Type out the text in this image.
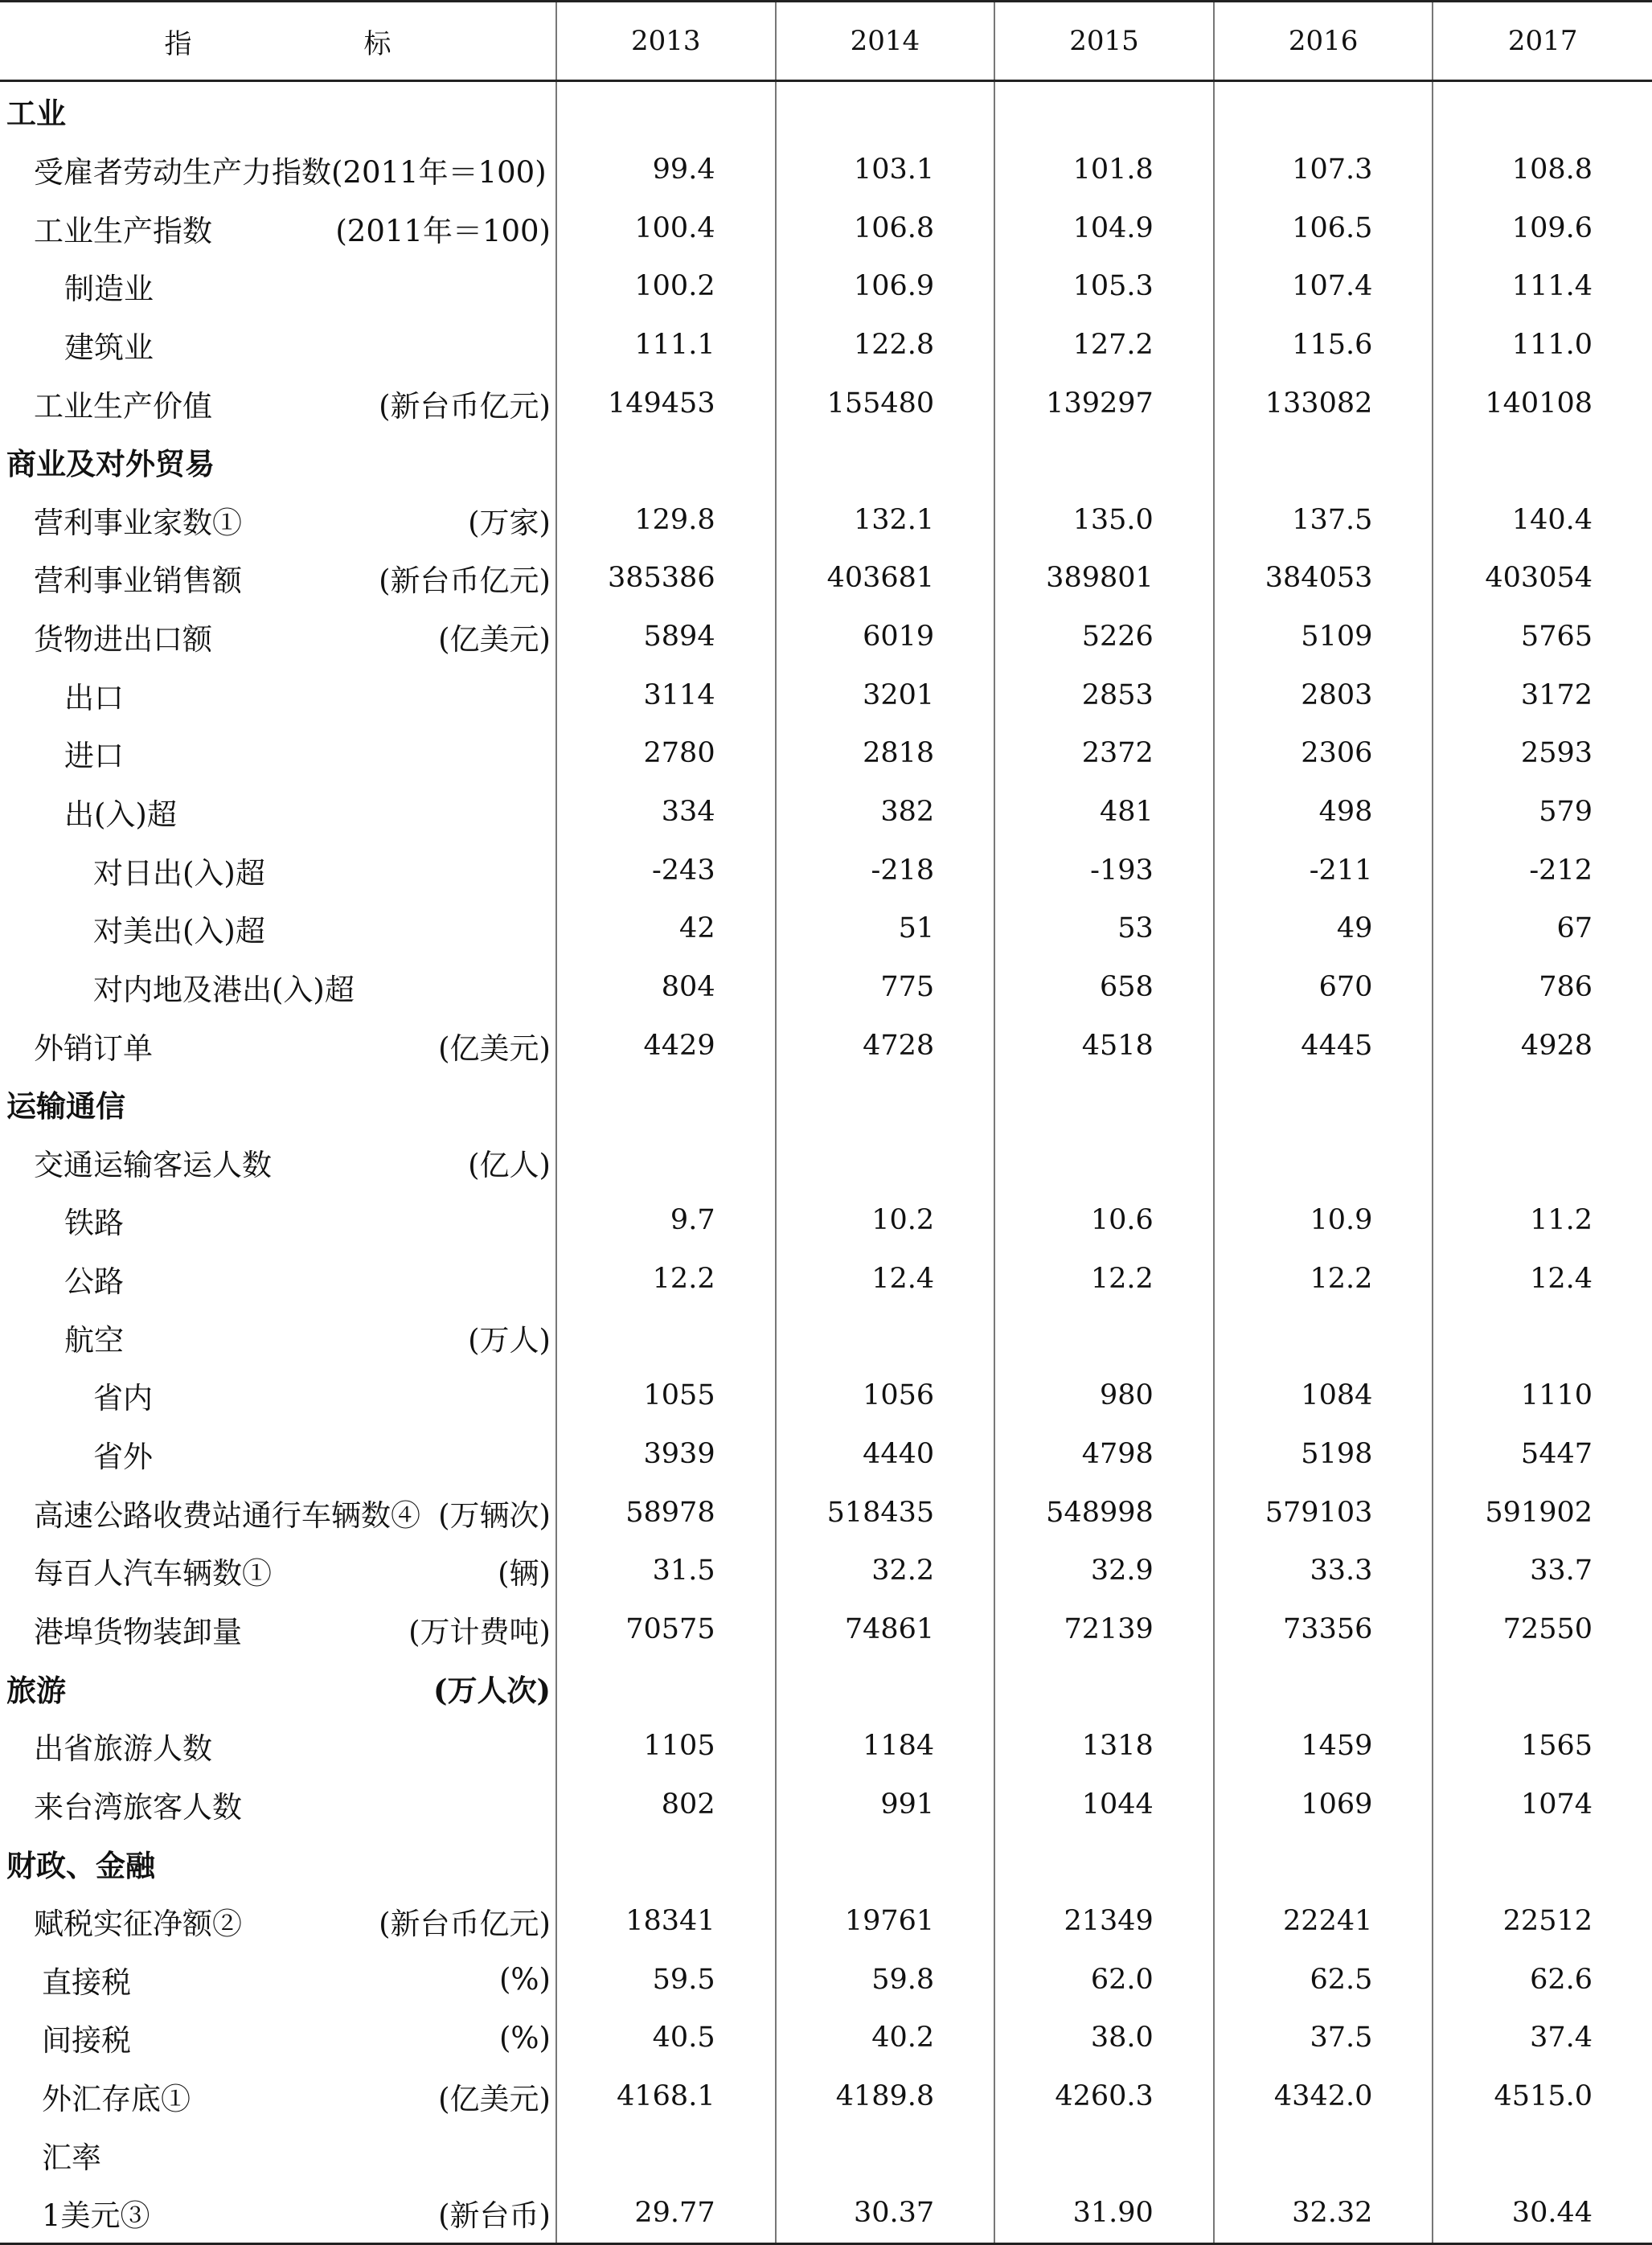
指　标	2013	2014	2015	2016	2017

工业					

受雇者劳动生产力指数(2011年＝100)	99.4	103.1	101.8	107.3	108.8

工业生产指数 (2011年＝100)	100.4	106.8	104.9	106.5	109.6

制造业	100.2	106.9	105.3	107.4	111.4

建筑业	111.1	122.8	127.2	115.6	111.0

工业生产价值 (新台币亿元)	149453	155480	139297	133082	140108

商业及对外贸易					

营利事业家数① (万家)	129.8	132.1	135.0	137.5	140.4

营利事业销售额 (新台币亿元)	385386	403681	389801	384053	403054

货物进出口额 (亿美元)	5894	6019	5226	5109	5765

出口	3114	3201	2853	2803	3172

进口	2780	2818	2372	2306	2593

出(入)超	334	382	481	498	579

对日出(入)超	-243	-218	-193	-211	-212

对美出(入)超	42	51	53	49	67

对内地及港出(入)超	804	775	658	670	786

外销订单 (亿美元)	4429	4728	4518	4445	4928

运输通信					

交通运输客运人数 (亿人)					

铁路	9.7	10.2	10.6	10.9	11.2

公路	12.2	12.4	12.2	12.2	12.4

航空 (万人)					

省内	1055	1056	980	1084	1110

省外	3939	4440	4798	5198	5447

高速公路收费站通行车辆数④ (万辆次)	58978	518435	548998	579103	591902

每百人汽车辆数① (辆)	31.5	32.2	32.9	33.3	33.7

港埠货物装卸量 (万计费吨)	70575	74861	72139	73356	72550

旅游 (万人次)					

出省旅游人数	1105	1184	1318	1459	1565

来台湾旅客人数	802	991	1044	1069	1074

财政、金融					

赋税实征净额② (新台币亿元)	18341	19761	21349	22241	22512

直接税 (%)	59.5	59.8	62.0	62.5	62.6

间接税 (%)	40.5	40.2	38.0	37.5	37.4

外汇存底① (亿美元)	4168.1	4189.8	4260.3	4342.0	4515.0

汇率					

1美元③ (新台币)	29.77	30.37	31.90	32.32	30.44
